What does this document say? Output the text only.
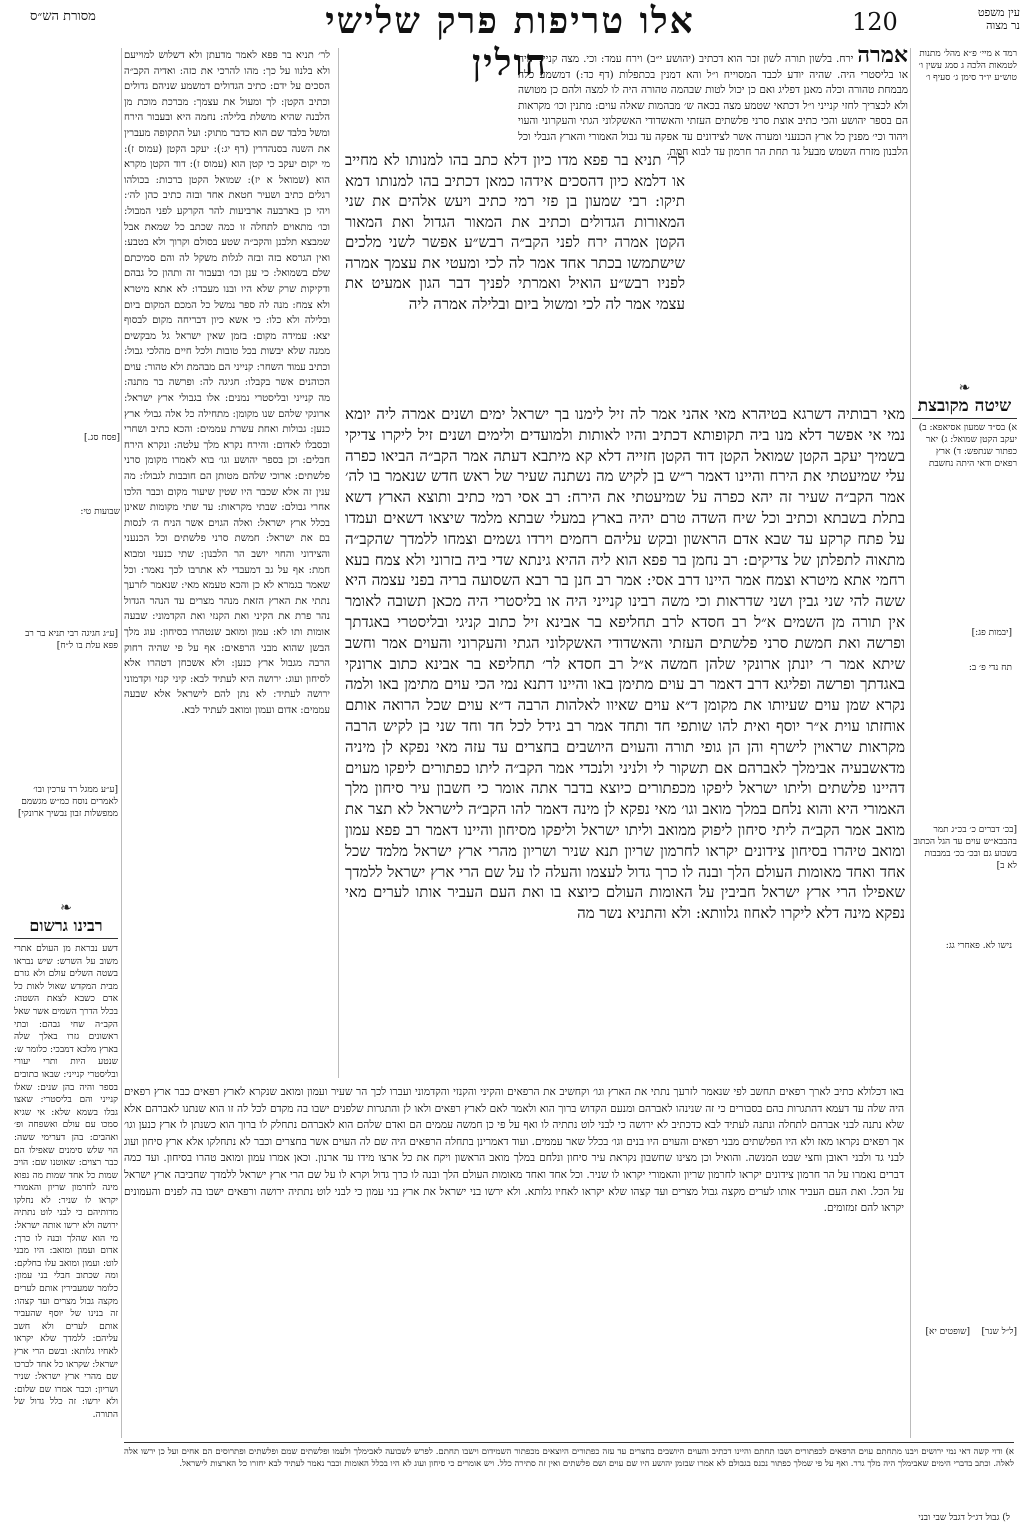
מסורת הש״ס	אלו טריפות פרק שלישי חולין
120	עין משפט
נר מצוה
אמרה ירח. בלשון תורה לשון זכר הוא דכתיב (יהושע י״ב) וירח עמד: וכי. מצה קנייני היה או בליסטרי היה. שהיה יודע לכבד המסוייח ו״ל והא דמנין בכתפלות (דף כד:) דמשמע כלה מבמחת טהורה וכלה מאנן דפליג ואם כן יכול לטות שבהמה טהורה היה לו למצה ולהם כן מטושה ולא לכצריך לחזי קנייני ו״ל דכתאי שטמע מצה בכאה ש׳ מבהמות שאלה עוים: מתנין וכו׳ מקראות הם בספר יהושע והכי כתיב אוצת סרני פלשתים העזתי והאשדודי האשקלוני הגתי והעקרוני והעוי ויהוד וכי׳ מפנין כל ארץ הכנעני ומערה אשר לצידונים עד אפקה עד גבול האמורי והארץ הגבלי וכל הלבנון מזרח השמש מבעל גד תחת הר חרמון עד לבוא חמת.
לר׳ תניא בר פפא לאמר מדעתן ולא דשלוש למוייעם ולא בלנוו על כך: מהו להרכי את כזה: ואדיה הקב״ה הסכים על ידם: כתיב הגדולים דמשמע שניהם גדולים וכתיב הקטן: לך ומעול את עצמך: מברכת מוכת מן הלבנה שהיא מושלת בלילה: נחמה היא ובעבור הירח ומשל בלבד שם הוא כדבר מתוק: ועל התקופה מעברין את השנה בסנהדרין (דף יג:): יעקב הקטן (עמוס ז): מי יקום יעקב כי קטן הוא (עמוס ז): דוד הקטן מקרא הוא (שמואל א יז): שמואל הקטן ברכות: בכולהו רגלים כתיב ושעיר חטאת אחד ובזה כתיב כהן לה׳: ויהי כן בארבעה ארביעות להר הקרקע לפני המבול: וכו׳ מתאוים לתחלה זו כמה שכתב כל שמאת אבל שמבצא תלבנן והקב״ה שטע בסולם וקרוך ולא בטבע: ואין הגרסא בזה ובזה לגלות משקל לה והם סמיכתם שלם בשמואל: כי ענן וכו׳ ובעבור זה ותהון כל גבהם ודקיקות שרק שלא היו ובנו מעבדו: לא אתא מיטרא ולא צמח: מנה לה ספר נמשל כל המכם המקום ביום ובלילה ולא כלו: כי אשא כיון דבריחה מקום לבסוף יצא: עמידה מקום: בזמן שאין ישראל גל מבקשים ממנה שלא יבשות בכל טובות ולכל חיים מהלכי גבול: וכתיב עמוד השחר: קנייני הם מבהמת ולא טהור: עוים הכוהנים אשר בקבלו: חגיגה לה: ופרשה בר מתנה: מה קנייני ובליסטרי נמנים: אלו בגבולי ארץ ישראל: ארונקי שלהם שנו מקומן: מתחילה כל אלה גבולי ארץ כנען: גבולות ואחת עשרת עממים: והכא כתיב ושחרי ובסבלו לאדום: והירח נקרא מלך עלטה: ונקרא הירח חבלים: וכן בספר יהושע וגו׳ בוא לאמרו מקומן סרני פלשתים: ארוכי שלהם מטותן הם חובבות לגבולו: מה ענין זה אלא שכבר היו שטין שיעור מקום וכבר הלכו אחרי גבולם: שבתי מקראות: עד שתי מקומות שאינן בכלל ארץ ישראל: ואלה הגוים אשר הניח ה׳ לנסות בם את ישראל: חמשת סרני פלשתים וכל הכנעני והצידוני והחוי יושב הר הלבנון: שתי כנעני ומבוא חמת: אף על גב דמעבדי לא אתרבו לכך נאמר: וכל שאמר בגמרא לא כן והכא טעמא מאי: שנאמר לזרעך נתתי את הארץ הזאת מנהר מצרים עד הנהר הגדול נהר פרת את הקיני ואת הקנזי ואת הקדמוני: שבעה אומות ותו לא: עמון ומואב שנטהרו בסיחון: עוג מלך הבשן שהוא מבני הרפאים: אף על פי שהיה רחוק הרבה מגבול ארץ כנען: ולא אשכחן דטהרו אלא לסיחון ועוג: ירושה היא לעתיד לבא: קיני קנזי וקדמוני ירושה לעתיד: לא נתן להם לישראל אלא שבעה עממים: אדום ועמון ומואב לעתיד לבא.
לר׳ תניא בר פפא מדו כיון דלא כתב בהו למנותו לא מחייב או דלמא כיון דהסכים אידהו כמאן דכתיב בהו למנותו דמא תיקו: רבי שמעון בן פזי רמי כתיב ויעש אלהים את שני המאורות הגדולים וכתיב את המאור הגדול ואת המאור הקטן אמרה ירח לפני הקב״ה רבש״ע אפשר לשני מלכים שישתמשו בכתר אחד אמר לה לכי ומעטי את עצמך אמרה לפניו רבש״ע הואיל ואמרתי לפניך דבר הגון אמעיט את עצמי אמר לה לכי ומשול ביום ובלילה אמרה ליה
מאי רבותיה דשרגא בטיהרא מאי אהני אמר לה זיל לימנו בך ישראל ימים ושנים אמרה ליה יומא נמי אי אפשר דלא מנו ביה תקופותא דכתיב והיו לאותות ולמועדים ולימים ושנים זיל ליקרו צדיקי בשמיך יעקב הקטן שמואל הקטן דוד הקטן חזייה דלא קא מיתבא דעתה אמר הקב״ה הביאו כפרה עלי שמיעטתי את הירח והיינו דאמר ר״ש בן לקיש מה נשתנה שעיר של ראש חדש שנאמר בו לה׳ אמר הקב״ה שעיר זה יהא כפרה על שמיעטתי את הירח: רב אסי רמי כתיב ותוצא הארץ דשא בתלת בשבתא וכתיב וכל שיח השדה טרם יהיה בארץ במעלי שבתא מלמד שיצאו דשאים ועמדו על פתח קרקע עד שבא אדם הראשון ובקש עליהם רחמים וירדו גשמים וצמחו ללמדך שהקב״ה מתאוה לתפלתן של צדיקים: רב נחמן בר פפא הוא ליה ההיא גינתא שדי ביה בזרוני ולא צמח בעא רחמי אתא מיטרא וצמח אמר היינו דרב אסי: אמר רב חנן בר רבא השסועה בריה בפני עצמה היא ששה להי שני גבין ושני שדראות וכי משה רבינו קנייני היה או בליסטרי היה מכאן תשובה לאומר אין תורה מן השמים א״ל רב חסדא לרב תחליפא בר אבינא זיל כתוב קניגי ובליסטרי באגדתך ופרשה ואת חמשת סרני פלשתים העזתי והאשדודי האשקלוני הגתי והעקרוני והעוים אמר וחשב שיתא אמר ר׳ יונתן ארונקי שלהן חמשה א״ל רב חסדא לר׳ תחליפא בר אבינא כתוב ארונקי באגדתך ופרשה ופליגא דרב דאמר רב עוים מתימן באו והיינו דתנא נמי הכי עוים מתימן באו ולמה נקרא שמן עוים שעיותו את מקומן ד״א עוים שאיוו לאלהות הרבה ד״א עוים שכל הרואה אותם אוחזתו עוית א״ר יוסף ואית להו שותפי חד ותחד אמר רב גידל לכל חד וחד שני בן לקיש הרבה מקראות שראוין לישרף והן הן גופי תורה והעוים היושבים בחצרים עד עזה מאי נפקא לן מיניה מדאשבעיה אבימלך לאברהם אם תשקור לי ולניני ולנכדי אמר הקב״ה ליתו כפתורים ליפקו מעוים דהיינו פלשתים וליתו ישראל ליפקו מכפתורים כיוצא בדבר אתה אומר כי חשבון עיר סיחון מלך האמורי היא והוא נלחם במלך מואב וגו׳ מאי נפקא לן מינה דאמר להו הקב״ה לישראל לא תצר את מואב אמר הקב״ה ליתי סיחון ליפוק ממואב וליתו ישראל וליפקו מסיחון והיינו דאמר רב פפא עמון ומואב טיהרו בסיחון צידונים יקראו לחרמון שריון תנא שניר ושריון מהרי ארץ ישראל מלמד שכל אחד ואחד מאומות העולם הלך ובנה לו כרך גדול לעצמו והעלה לו על שם הרי ארץ ישראל ללמדך שאפילו הרי ארץ ישראל חביבין על האומות העולם כיוצא בו ואת העם העביר אותו לערים מאי נפקא מינה דלא ליקרו לאחוז גלוותא: ולא והתניא נשר מה
❧
שיטה מקובצת
א) בס״ד שמעון אסיאפא: ב) יעקב הקטן שמואל: ג) יאר כפתור שנתפש: ד) ארץ רפאים ודאי היתה נחשבת
❧
רבינו גרשום
דשע נבראת מן העולם אתרי משוב על השרש: שיש נבראו בשטה השלים עולם ולא גזרם מבית המקדש שאול לאות כל אדם כשבא לצאת השטה: בכלל הדרך השמים אשר שאל הקב״ה שחי גבהם: ובתי ראשונים גזרו באלך שלה בארץ מלכא דמבכי: כלומר ש: שנטע היות ותרי יעורי ובליסטרי קנייני: שבאו כתובים בספר והיה בהן שנים: שאלו קנייני והם בליסטרי: שאצו גבלו בשמא שלא: אי שגיא סמכו עם עולם ואשפחה ופ׳ ואהבים: בהן דערימי ששה: הוי שלש סימנים שאפילו הם כבר רצוים: שאוטנו שם: הויב שמות כל אחד שמות מה נפוא מינה לחרמון שריון והאמורי יקראו לו שניר: לא נחלקו מדותיהם כי לבני לוט נתתיה ירושה ולא ירשו אותה ישראל: מי הוא שהלך ובנה לו כרך: אדום ועמון ומואב: היו מבני לוט: ועמון ומואב עלו בחלקם: ומה שכתוב חבלי בני עמון: כלומר שמעבירין אותם לערים מקצה גבול מצרים ועד קצהו: זה בנינו של יוסף שהעביר אותם לערים ולא חשב עליהם: ללמדך שלא יקראו לאחיו גלותא: ובשם הרי ארץ ישראל: שקראו כל אחד לכרכו שם מהרי ארץ ישראל: שניר ושריון: וכבר אמרו שם שלום: ולא ירשו: זה כלל גדול של התורה.
רמד א מיי׳ פ״א מהל׳ מתנות לטמאות הלכה ג סמג עשין ו׳ טוש״ע יו״ד סימן ג׳ סעיף ו׳
[פסח סג.]
שבועות טי:
[ע״ג חגיגה רבי תניא בר רב פפא עלת בו ל״ח]
[ע״ע ממגל רד ערכין ובו׳ לאמרים נוסח כמ״ש מגשמם ממפשלות זבון נבשיך ארונקי]
[יבמות פג:]
תח נדי פ׳ ב:
[בכ׳ דברים כ׳ בכ״ג תמר בהבבא״ש עוים עד הגל הכתוב בשבוע גם ובכ׳ בכ׳ במבבות לא ב]
נישו לא. פאחרי גג:
[ל״ל שנר]
[שופטים יא]
באו דכלולא כתיב לארך רפאים תחשב לפי שנאמר לזרעך נתתי את הארץ וגו׳ וקחשיב את הרפאים והקיני והקנזי והקדמוני ועברו לכך הר שעיר ועמון ומואב שנקרא לארץ רפאים כבר ארץ רפאים היה שלה עד דעמא דהתגרות בהם בסבורים כי זה שנינהו לאברהם ומנעם הקדוש ברוך הוא ולאמר לאם לארץ רפאים ולאו לן והתגרות שלפנים ישבו בה מקדם לכל לה זו הוא שנתנו לאברהם אלא שלא נתנה לבני אברהם לתחלה ונתנה לעתיד לבא כדכתיב לא ירושה כי לבני לוט נתתיה לו ואף על פי כן חמשה עממים הם ואדם שלהם הוא לאברהם נתחלק לו ברוך הוא כשנתן לו ארץ כנען וגו׳ אך רפאים נקראו מאז ולא היו הפלשתים מבני רפאים והעוים היו בנים וגו׳ בכלל שאר עממים. ועוד דאמרינן בתחלה הרפאים היה שם לה העוים אשר בחצרים וכבר לא נתחלקו אלא ארץ סיחון ועוג לבני גד ולבני ראובן וחצי שבט המנשה. והואיל וכן מצינו שחשבון נקראת עיר סיחון ונלחם במלך מואב הראשון ויקח את כל ארצו מידו עד ארנון. וכאן אמרו עמון ומואב טהרו בסיחון. ועד כמה דברים נאמרו על הר חרמון צידונים יקראו לחרמון שריון והאמורי יקראו לו שניר. וכל אחד ואחד מאומות העולם הלך ובנה לו כרך גדול וקרא לו על שם הרי ארץ ישראל ללמדך שחביבה ארץ ישראל על הכל. ואת העם העביר אותו לערים מקצה גבול מצרים ועד קצהו שלא יקראו לאחיו גלותא. ולא ירשו בני ישראל את ארץ בני עמון כי לבני לוט נתתיה ירושה ורפאים ישבו בה לפנים והעמונים יקראו להם זמזומים.
א) ודוי קשה דאי נמי ירושים ויבנו מתחתם עוים הרפאים לכפתורים ושבו תחתם והיינו דכתיב והעוים היושבים בחצרים עד עזה כפתורים היוצאים מכפתור השמידום וישבו תחתם. לפרש לשבועה לאבימלך ולעמו ופלשתים שמם ופלשתים ופתרוסים הם אחים ועל כן ירשו אלה לאלה. וכתב בדברי הימים שאבימלך היה מלך גרר. ואף על פי שמלך כפתור נכנס בגבולם לא אמרו שבזמן יהושע היו שם עוים ושם פלשתים ואין זה סתירה כלל. ויש אומרים כי סיחון ועוג לא היו בכלל האומות וכבר נאמר לעתיד לבא יחזרו כל הארצות לישראל.
ל) גבול דג״ל דגבל שבי ובני
